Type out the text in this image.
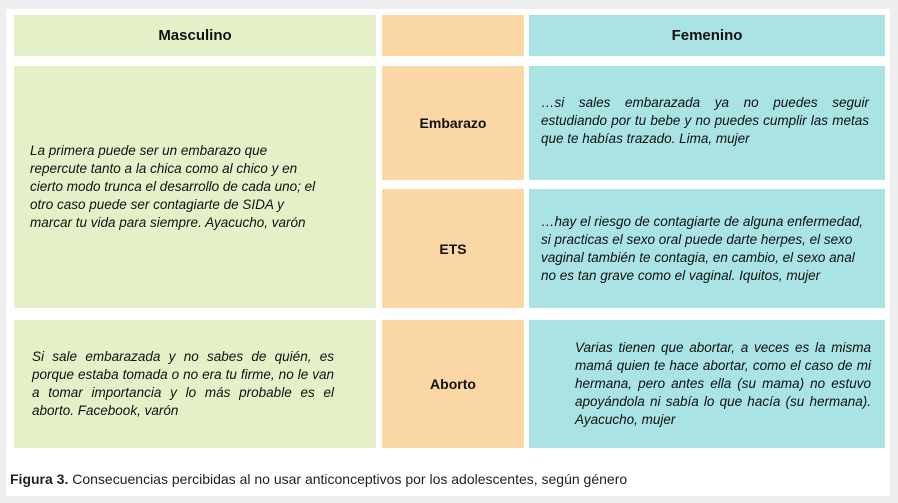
Masculino	Femenino

La primera puede ser un embarazo que repercute tanto a la chica como al chico y en cierto modo trunca el desarrollo de cada uno; el otro caso puede ser contagiarte de SIDA y marcar tu vida para siempre. Ayacucho, varón

Embarazo

…si sales embarazada ya no puedes seguir estudiando por tu bebe y no puedes cumplir las metas que te habías trazado. Lima, mujer

ETS

…hay el riesgo de contagiarte de alguna enfermedad, si practicas el sexo oral puede darte herpes, el sexo vaginal también te contagia, en cambio, el sexo anal no es tan grave como el vaginal. Iquitos, mujer

Si sale embarazada y no sabes de quién, es porque estaba tomada o no era tu firme, no le van a tomar importancia y lo más probable es el aborto. Facebook, varón

Aborto

Varias tienen que abortar, a veces es la misma mamá quien te hace abortar, como el caso de mi hermana, pero antes ella (su mama) no estuvo apoyándola ni sabía lo que hacía (su hermana). Ayacucho, mujer

Figura 3. Consecuencias percibidas al no usar anticonceptivos por los adolescentes, según género
